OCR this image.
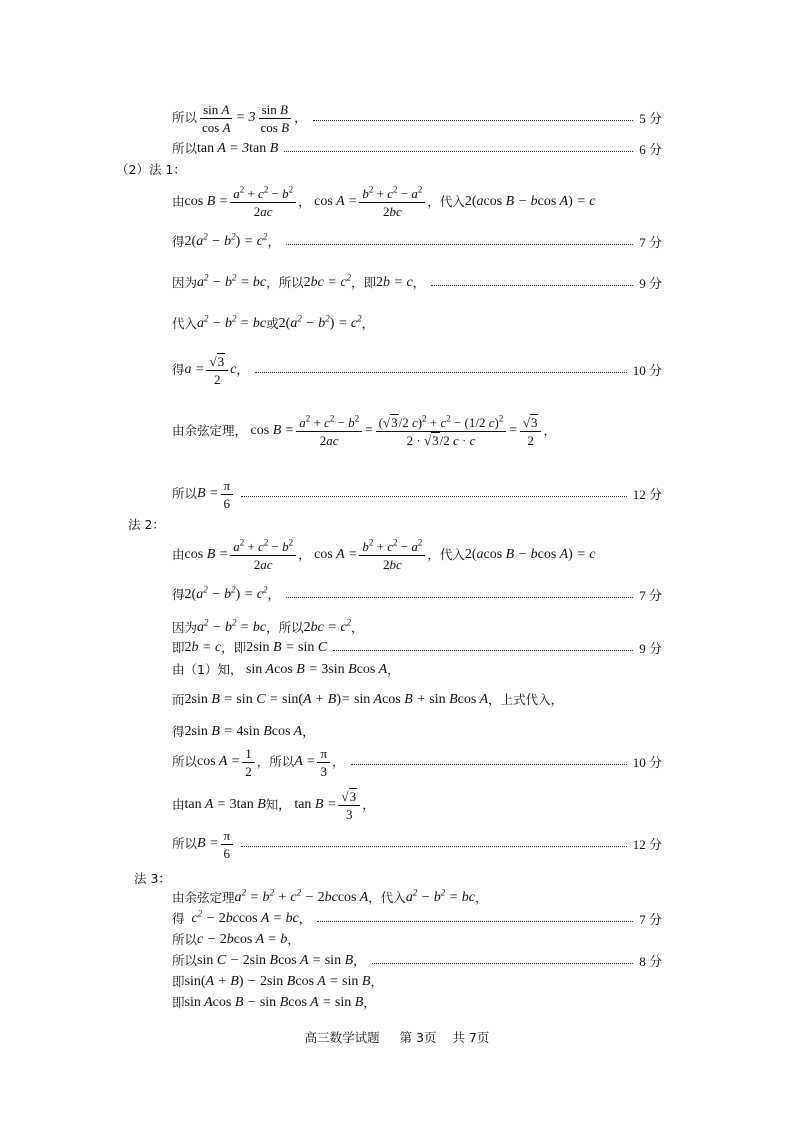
所以 $\frac{\text{sin A}}{\text{cos A}} = 3 \frac{\text{sin B}}{\text{cos B}}$ ，	5 分
所以 tan A = 3tan B	6 分
（2）法 1：
由 $\cos B = \frac{a^2 + c^2 - b^2}{2ac}$ ， $\cos A = \frac{b^2 + c^2 - a^2}{2bc}$ ，代入 2(acos B − bcos A) = c
得 $2(a^2 - b^2) = c^2$ ，	7 分
因为 $a^2 - b^2$ = bc ，所以 $2bc = c^2$ ，即 2b = c ，	9 分
代入 $a^2 - b^2$ = bc 或 $2(a^2 - b^2) = c^2$ ，
得 $a = \frac{√3}{2}$ c ，	10 分
由余弦定理， $\cos B = \frac{a^2 + c^2 - b^2}{2ac} = \frac{(√3/2 c)^2 + c^2 - (1/2 c)^2}{2 \cdot √3/2 c \cdot c} = \frac{√3}{2}$ ，
所以 $B = \frac{\pi}{6}$	12 分
法 2：
由 $\cos B = \frac{a^2 + c^2 - b^2}{2ac}$ ， $\cos A = \frac{b^2 + c^2 - a^2}{2bc}$ ，代入 2(acos B − bcos A) = c
得 $2(a^2 - b^2) = c^2$ ，	7 分
因为 $a^2 - b^2$ = bc ，所以 $2bc = c^2$ ，
即 2b = c ，即 2sin B = sin C	9 分
由（1）知， sin Acos B = 3sin Bcos A ，
而 2sin B = sin C = sin(A + B)= sin Acos B + sin Bcos A ，上式代入，
得 2sin B = 4sin Bcos A ，
所以 $\cos A = \frac{1}{2}$ ，所以 $A = \frac{\pi}{3}$ ，	10 分
由 tan A = 3tan B 知， $\tan B = \frac{√3}{3}$ ，
所以 $B = \frac{\pi}{6}$	12 分
法 3：
由余弦定理 $a^2 = b^2 + c^2 - 2bccos$ A ，代入 $a^2 - b^2$ = bc ，
得 $c^2 - 2bccos$ A = bc ，	7 分
所以 c − 2bcos A = b ，
所以 sin C − 2sin Bcos A = sin B ，	8 分
即 sin(A + B) − 2sin Bcos A = sin B ，
即 sin Acos B − sin Bcos A = sin B ，
高三数学试题 第 3页 共 7页
